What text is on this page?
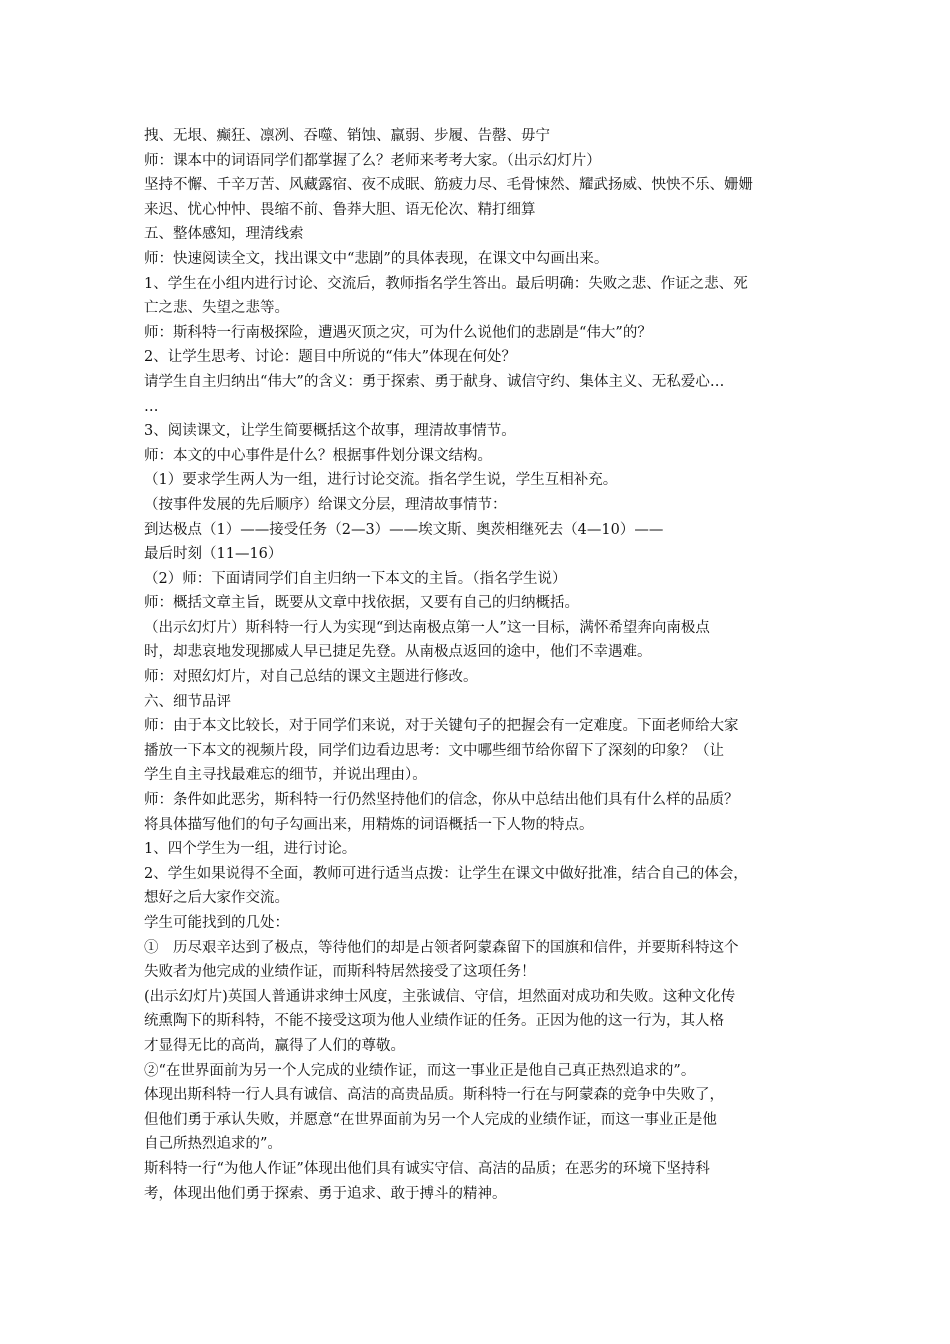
拽、无垠、癫狂、凛冽、吞噬、销蚀、羸弱、步履、告罄、毋宁

师：课本中的词语同学们都掌握了么？老师来考考大家。（出示幻灯片）

坚持不懈、千辛万苦、风藏露宿、夜不成眠、筋疲力尽、毛骨悚然、耀武扬威、怏怏不乐、姗姗

来迟、忧心忡忡、畏缩不前、鲁莽大胆、语无伦次、精打细算

五、整体感知，理清线索

师：快速阅读全文，找出课文中“悲剧”的具体表现，在课文中勾画出来。

1、学生在小组内进行讨论、交流后，教师指名学生答出。最后明确：失败之悲、作证之悲、死

亡之悲、失望之悲等。

师：斯科特一行南极探险，遭遇灭顶之灾，可为什么说他们的悲剧是“伟大”的？

2、让学生思考、讨论：题目中所说的“伟大”体现在何处？

请学生自主归纳出“伟大”的含义：勇于探索、勇于献身、诚信守约、集体主义、无私爱心…

…

3、阅读课文，让学生简要概括这个故事，理清故事情节。

师：本文的中心事件是什么？根据事件划分课文结构。

（1）要求学生两人为一组，进行讨论交流。指名学生说，学生互相补充。

（按事件发展的先后顺序）给课文分层，理清故事情节：

到达极点（1）——接受任务（2—3）——埃文斯、奥茨相继死去（4—10）——

最后时刻（11—16）

（2）师：下面请同学们自主归纳一下本文的主旨。（指名学生说）

师：概括文章主旨，既要从文章中找依据，又要有自己的归纳概括。

（出示幻灯片）斯科特一行人为实现“到达南极点第一人”这一目标，满怀希望奔向南极点

时，却悲哀地发现挪威人早已捷足先登。从南极点返回的途中，他们不幸遇难。

师：对照幻灯片，对自己总结的课文主题进行修改。

六、细节品评

师：由于本文比较长，对于同学们来说，对于关键句子的把握会有一定难度。下面老师给大家

播放一下本文的视频片段，同学们边看边思考：文中哪些细节给你留下了深刻的印象？（让

学生自主寻找最难忘的细节，并说出理由）。

师：条件如此恶劣，斯科特一行仍然坚持他们的信念，你从中总结出他们具有什么样的品质？

将具体描写他们的句子勾画出来，用精炼的词语概括一下人物的特点。

1、四个学生为一组，进行讨论。

2、学生如果说得不全面，教师可进行适当点拨：让学生在课文中做好批准，结合自己的体会，

想好之后大家作交流。

学生可能找到的几处：

①　历尽艰辛达到了极点，等待他们的却是占领者阿蒙森留下的国旗和信件，并要斯科特这个

失败者为他完成的业绩作证，而斯科特居然接受了这项任务！

(出示幻灯片)英国人普通讲求绅士风度，主张诚信、守信，坦然面对成功和失败。这种文化传

统熏陶下的斯科特，不能不接受这项为他人业绩作证的任务。正因为他的这一行为，其人格

才显得无比的高尚，赢得了人们的尊敬。

②“在世界面前为另一个人完成的业绩作证，而这一事业正是他自己真正热烈追求的”。

体现出斯科特一行人具有诚信、高洁的高贵品质。斯科特一行在与阿蒙森的竞争中失败了，

但他们勇于承认失败，并愿意“在世界面前为另一个人完成的业绩作证，而这一事业正是他

自己所热烈追求的”。

斯科特一行“为他人作证”体现出他们具有诚实守信、高洁的品质；在恶劣的环境下坚持科

考，体现出他们勇于探索、勇于追求、敢于搏斗的精神。
